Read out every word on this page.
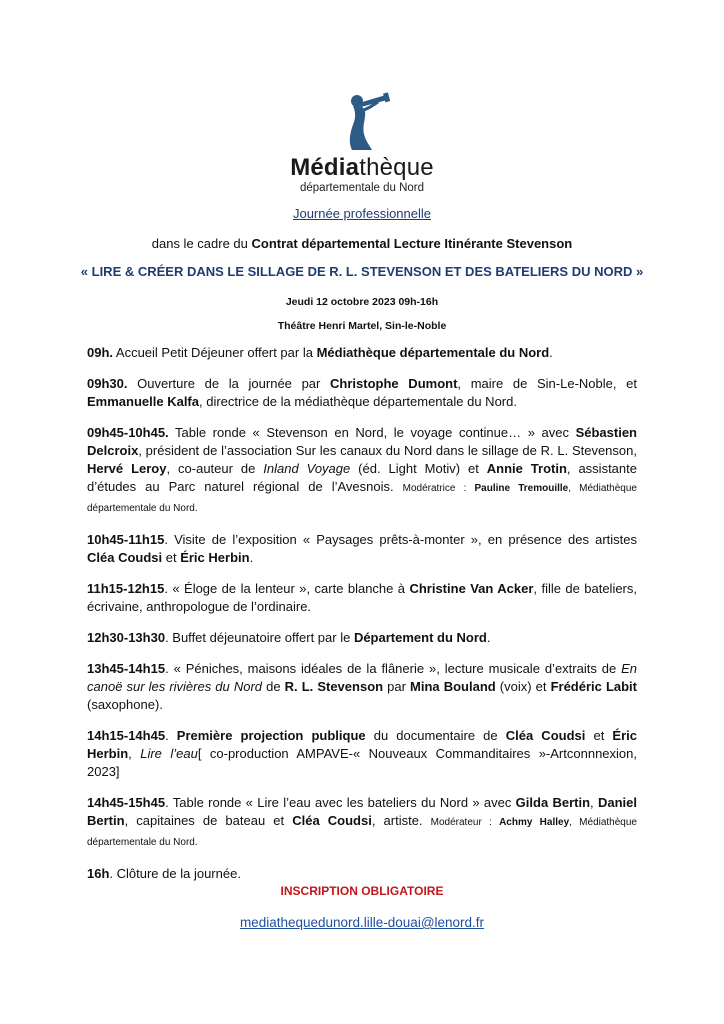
Médiathèque
départementale du Nord
Journée professionnelle
dans le cadre du Contrat départemental Lecture Itinérante Stevenson
« LIRE & CRÉER DANS LE SILLAGE DE R. L. STEVENSON ET DES BATELIERS DU NORD »
Jeudi 12 octobre 2023 09h-16h
Théâtre Henri Martel, Sin-le-Noble

09h. Accueil Petit Déjeuner offert par la Médiathèque départementale du Nord.

09h30. Ouverture de la journée par Christophe Dumont, maire de Sin-Le-Noble, et Emmanuelle Kalfa, directrice de la médiathèque départementale du Nord.

09h45-10h45. Table ronde « Stevenson en Nord, le voyage continue… » avec Sébastien Delcroix, président de l’association Sur les canaux du Nord dans le sillage de R. L. Stevenson, Hervé Leroy, co-auteur de Inland Voyage (éd. Light Motiv) et Annie Trotin, assistante d’études au Parc naturel régional de l’Avesnois. Modératrice : Pauline Tremouille, Médiathèque départementale du Nord.

10h45-11h15. Visite de l’exposition « Paysages prêts-à-monter », en présence des artistes Cléa Coudsi et Éric Herbin.

11h15-12h15. « Éloge de la lenteur », carte blanche à Christine Van Acker, fille de bateliers, écrivaine, anthropologue de l’ordinaire.

12h30-13h30. Buffet déjeunatoire offert par le Département du Nord.

13h45-14h15. « Péniches, maisons idéales de la flânerie », lecture musicale d’extraits de En canoë sur les rivières du Nord de R. L. Stevenson par Mina Bouland (voix) et Frédéric Labit (saxophone).

14h15-14h45. Première projection publique du documentaire de Cléa Coudsi et Éric Herbin, Lire l’eau[ co-production AMPAVE-« Nouveaux Commanditaires »-Artconnnexion, 2023]

14h45-15h45. Table ronde « Lire l’eau avec les bateliers du Nord » avec Gilda Bertin, Daniel Bertin, capitaines de bateau et Cléa Coudsi, artiste. Modérateur : Achmy Halley, Médiathèque départementale du Nord.

16h. Clôture de la journée.

INSCRIPTION OBLIGATOIRE
mediathequedunord.lille-douai@lenord.fr
